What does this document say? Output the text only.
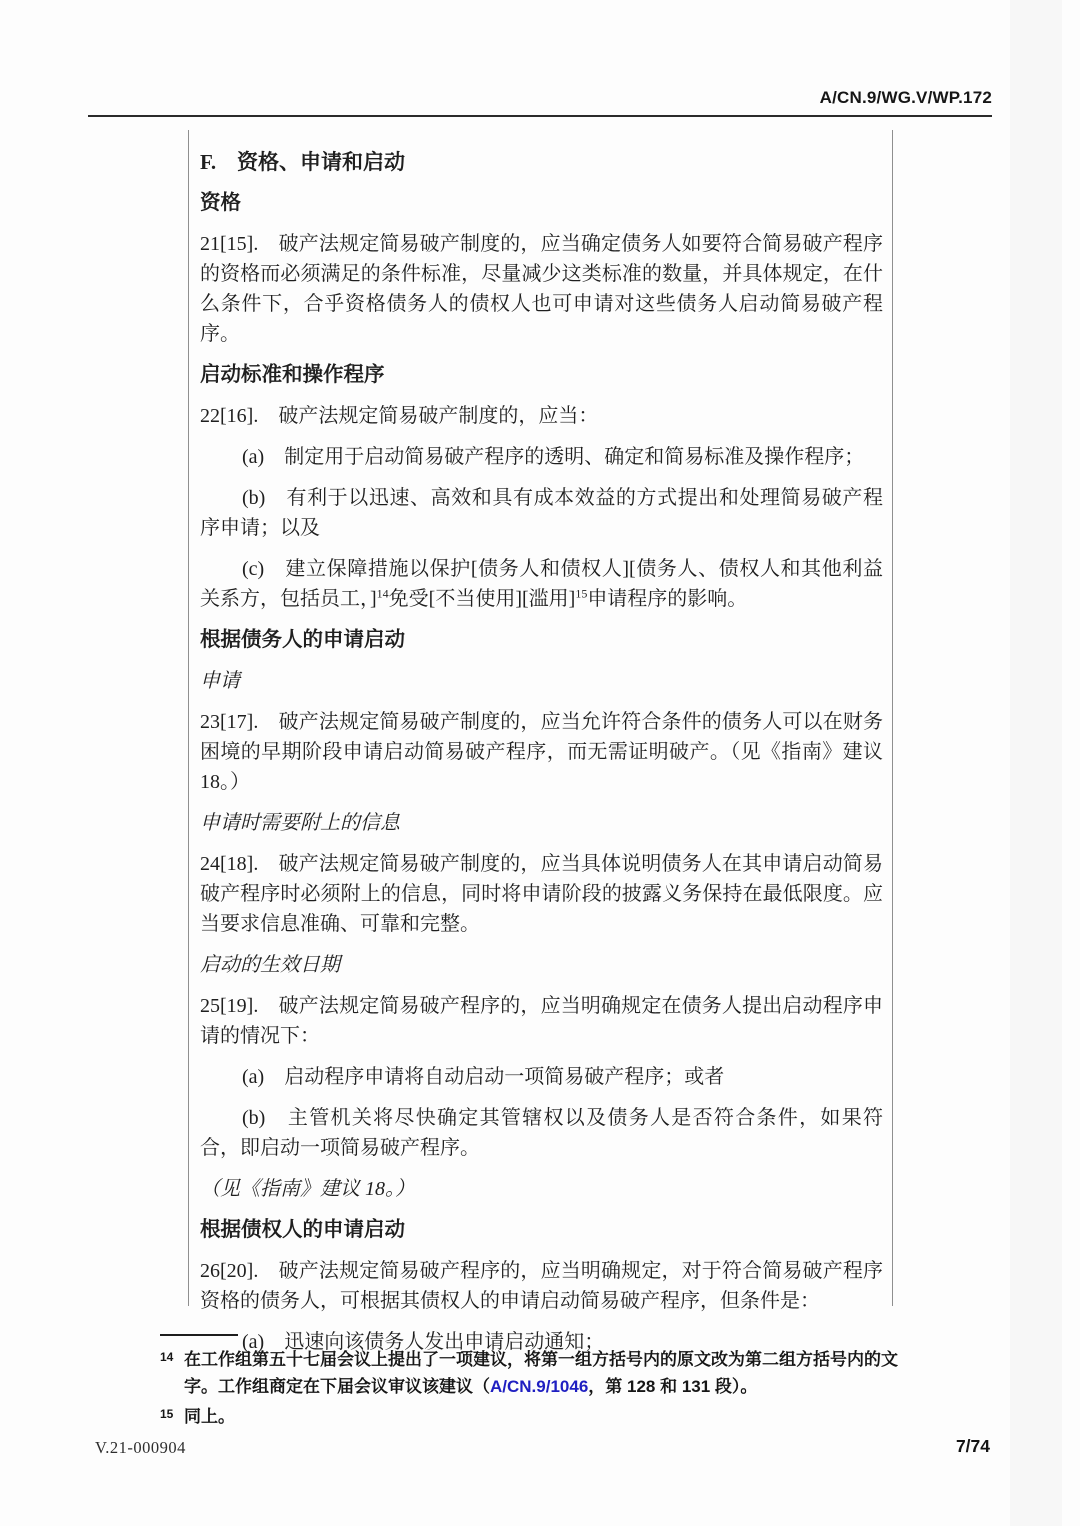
A/CN.9/WG.V/WP.172

F. 资格、申请和启动

资格

21[15].　破产法规定简易破产制度的，应当确定债务人如要符合简易破产程序的资格而必须满足的条件标准，尽量减少这类标准的数量，并具体规定，在什么条件下，合乎资格债务人的债权人也可申请对这些债务人启动简易破产程序。

启动标准和操作程序

22[16].　破产法规定简易破产制度的，应当：

(a)　制定用于启动简易破产程序的透明、确定和简易标准及操作程序；

(b)　有利于以迅速、高效和具有成本效益的方式提出和处理简易破产程序申请；以及

(c)　建立保障措施以保护[债务人和债权人][债务人、债权人和其他利益关系方，包括员工，]$^{14}$免受[不当使用][滥用]$^{15}$申请程序的影响。

根据债务人的申请启动

申请

23[17].　破产法规定简易破产制度的，应当允许符合条件的债务人可以在财务困境的早期阶段申请启动简易破产程序，而无需证明破产。（见《指南》建议 18。）

申请时需要附上的信息

24[18].　破产法规定简易破产制度的，应当具体说明债务人在其申请启动简易破产程序时必须附上的信息，同时将申请阶段的披露义务保持在最低限度。应当要求信息准确、可靠和完整。

启动的生效日期

25[19].　破产法规定简易破产程序的，应当明确规定在债务人提出启动程序申请的情况下：

(a)　启动程序申请将自动启动一项简易破产程序；或者

(b)　主管机关将尽快确定其管辖权以及债务人是否符合条件，如果符合，即启动一项简易破产程序。

（见《指南》建议 18。）

根据债权人的申请启动

26[20].　破产法规定简易破产程序的，应当明确规定，对于符合简易破产程序资格的债务人，可根据其债权人的申请启动简易破产程序，但条件是：

(a)　迅速向该债务人发出申请启动通知；

14 在工作组第五十七届会议上提出了一项建议，将第一组方括号内的原文改为第二组方括号内的文字。工作组商定在下届会议审议该建议（A/CN.9/1046，第 128 和 131 段）。
15 同上。
V.21-000904	7/74
